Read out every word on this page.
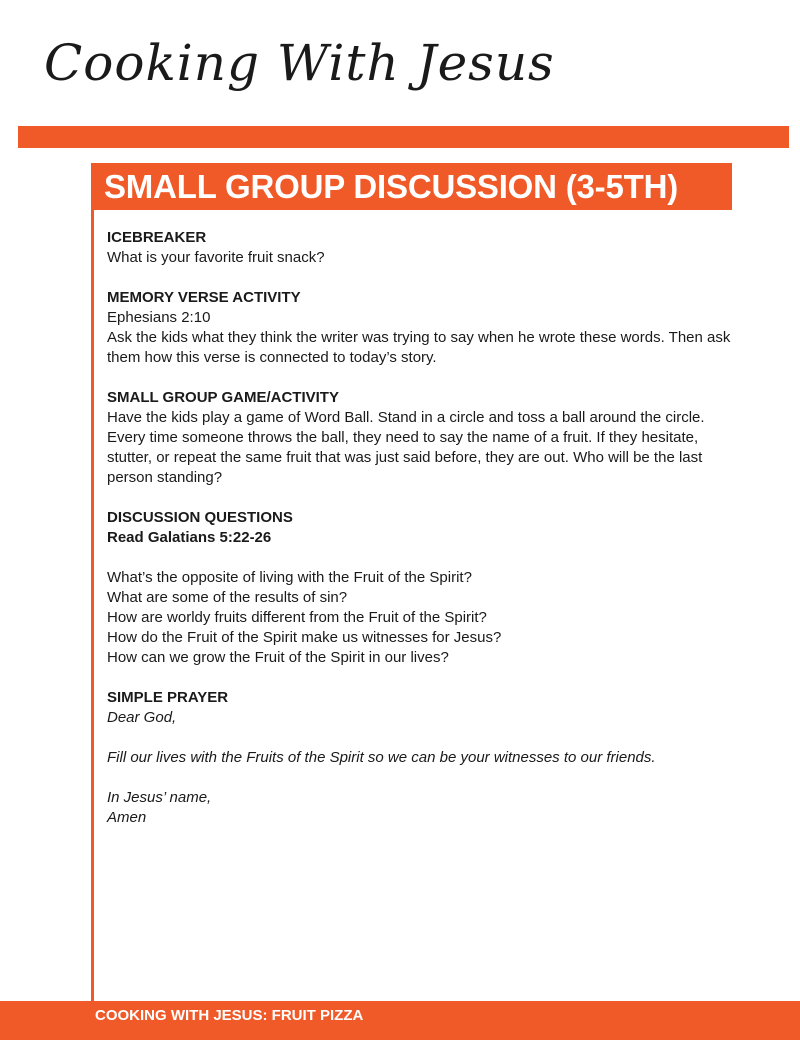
Cooking With Jesus
SMALL GROUP DISCUSSION (3-5TH)
ICEBREAKER

What is your favorite fruit snack?

MEMORY VERSE ACTIVITY

Ephesians 2:10

Ask the kids what they think the writer was trying to say when he wrote these words. Then ask them how this verse is connected to today’s story.

SMALL GROUP GAME/ACTIVITY

Have the kids play a game of Word Ball. Stand in a circle and toss a ball around the circle. Every time someone throws the ball, they need to say the name of a fruit. If they hesitate, stutter, or repeat the same fruit that was just said before, they are out. Who will be the last person standing?

DISCUSSION QUESTIONS

Read Galatians 5:22-26

What’s the opposite of living with the Fruit of the Spirit?

What are some of the results of sin?

How are worldy fruits different from the Fruit of the Spirit?

How do the Fruit of the Spirit make us witnesses for Jesus?

How can we grow the Fruit of the Spirit in our lives?

SIMPLE PRAYER

Dear God,

Fill our lives with the Fruits of the Spirit so we can be your witnesses to our friends.

In Jesus’ name,

Amen

COOKING WITH JESUS: FRUIT PIZZA
